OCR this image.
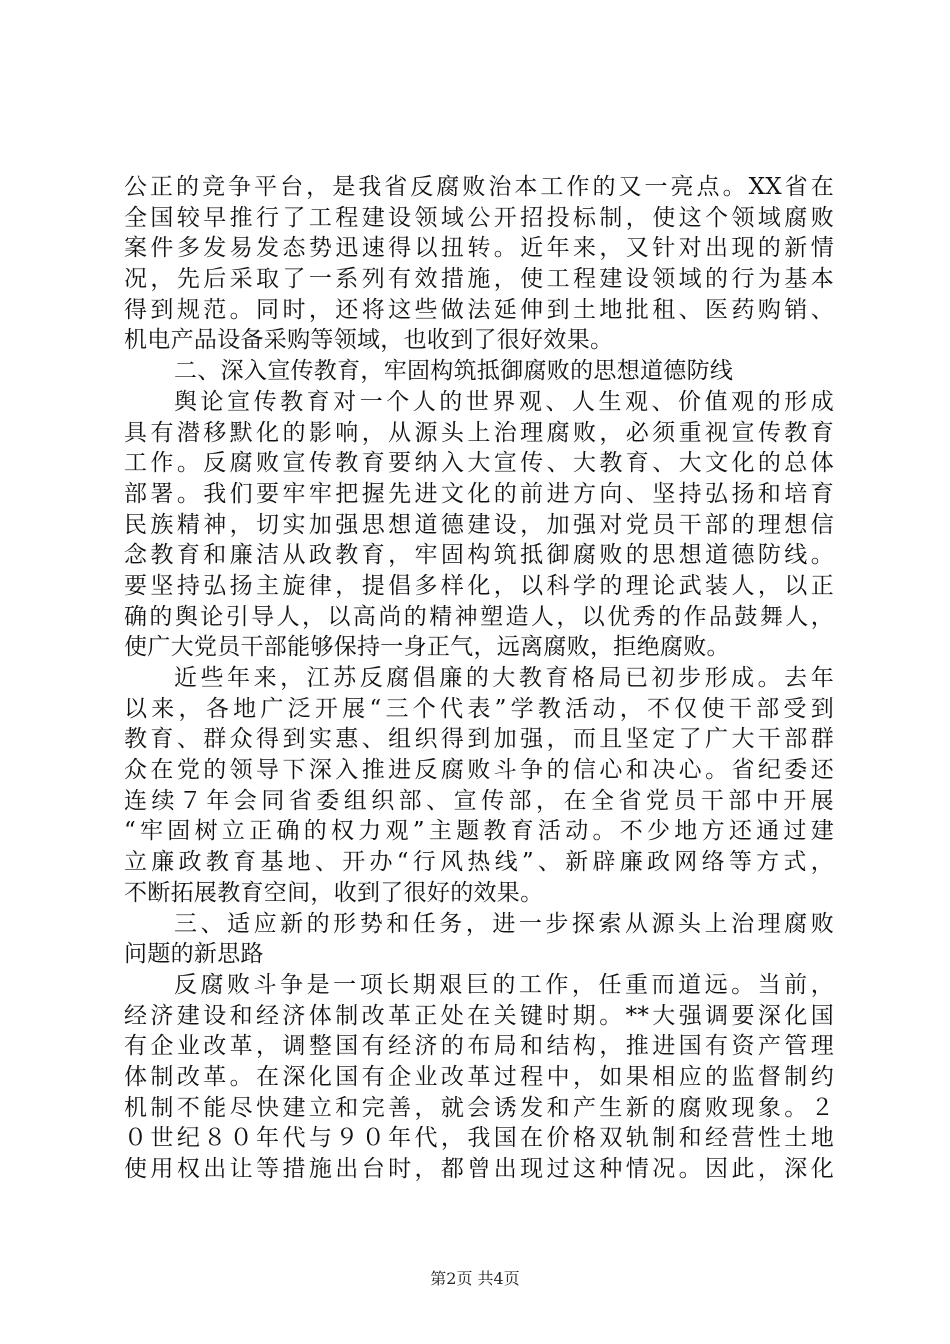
公正的竞争平台，是我省反腐败治本工作的又一亮点。XX省在
全国较早推行了工程建设领域公开招投标制，使这个领域腐败
案件多发易发态势迅速得以扭转。近年来，又针对出现的新情
况，先后采取了一系列有效措施，使工程建设领域的行为基本
得到规范。同时，还将这些做法延伸到土地批租、医药购销、
机电产品设备采购等领域，也收到了很好效果。
二、深入宣传教育，牢固构筑抵御腐败的思想道德防线
舆论宣传教育对一个人的世界观、人生观、价值观的形成
具有潜移默化的影响，从源头上治理腐败，必须重视宣传教育
工作。反腐败宣传教育要纳入大宣传、大教育、大文化的总体
部署。我们要牢牢把握先进文化的前进方向、坚持弘扬和培育
民族精神，切实加强思想道德建设，加强对党员干部的理想信
念教育和廉洁从政教育，牢固构筑抵御腐败的思想道德防线。
要坚持弘扬主旋律，提倡多样化，以科学的理论武装人，以正
确的舆论引导人，以高尚的精神塑造人，以优秀的作品鼓舞人，
使广大党员干部能够保持一身正气，远离腐败，拒绝腐败。
近些年来，江苏反腐倡廉的大教育格局已初步形成。去年
以来，各地广泛开展“三个代表”学教活动，不仅使干部受到
教育、群众得到实惠、组织得到加强，而且坚定了广大干部群
众在党的领导下深入推进反腐败斗争的信心和决心。省纪委还
连续７年会同省委组织部、宣传部，在全省党员干部中开展
“牢固树立正确的权力观”主题教育活动。不少地方还通过建
立廉政教育基地、开办“行风热线”、新辟廉政网络等方式，
不断拓展教育空间，收到了很好的效果。
三、适应新的形势和任务，进一步探索从源头上治理腐败
问题的新思路
反腐败斗争是一项长期艰巨的工作，任重而道远。当前，
经济建设和经济体制改革正处在关键时期。**大强调要深化国
有企业改革，调整国有经济的布局和结构，推进国有资产管理
体制改革。在深化国有企业改革过程中，如果相应的监督制约
机制不能尽快建立和完善，就会诱发和产生新的腐败现象。２
０世纪８０年代与９０年代，我国在价格双轨制和经营性土地
使用权出让等措施出台时，都曾出现过这种情况。因此，深化
第2页 共4页
